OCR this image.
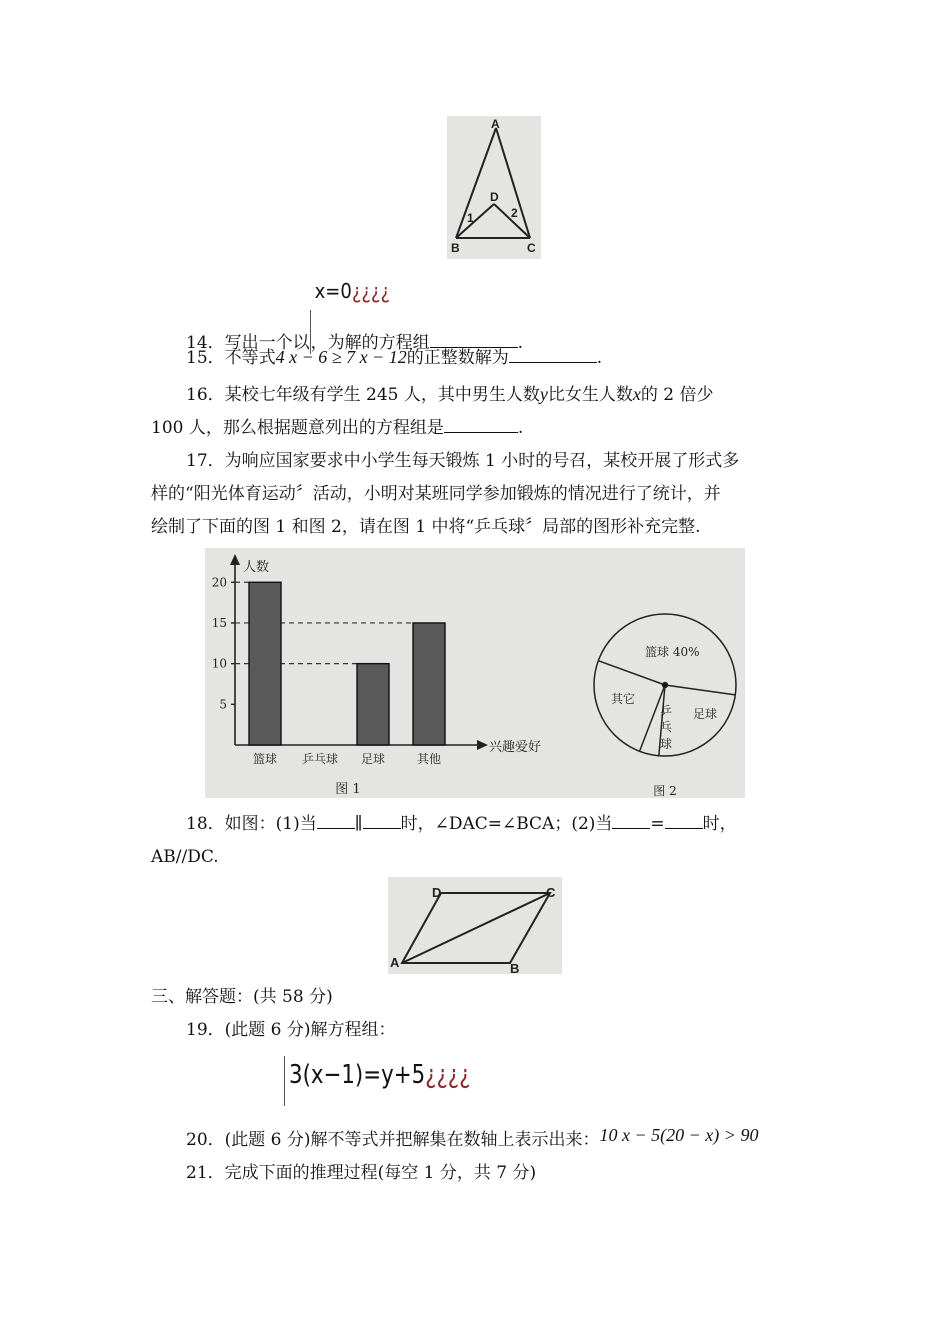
A
B	C
D
1	2
14．写出一个以
x=0¿¿¿¿
，为解的方程组	.
15．不等式4 x − 6 ≥ 7 x − 12的正整数解为	.
16．某校七年级有学生 245 人，其中男生人数y比女生人数x的 2 倍少
100 人，那么根据题意列出的方程组是	.
17．为响应国家要求中小学生每天锻炼 1 小时的号召，某校开展了形式多
样的“阳光体育运动〞活动，小明对某班同学参加锻炼的情况进行了统计，并
绘制了下面的图 1 和图 2，请在图 1 中将“乒乓球〞局部的图形补充完整.
5
10
15
20
篮球 乒乓球 足球	其他
人数
兴趣爱好
图 1
篮球 40%
足球
其它
图 2
乒
乓
球
18．如图：(1)当 ∥ 时，∠DAC=∠BCA；(2)当 = 时，
AB//DC.
A	B
C
D
三、解答题：(共 58 分)
19．(此题 6 分)解方程组：
3(x−1)=y+5¿¿¿¿
20．(此题 6 分)解不等式并把解集在数轴上表示出来：10 x − 5(20 − x) > 90
21．完成下面的推理过程(每空 1 分，共 7 分)
